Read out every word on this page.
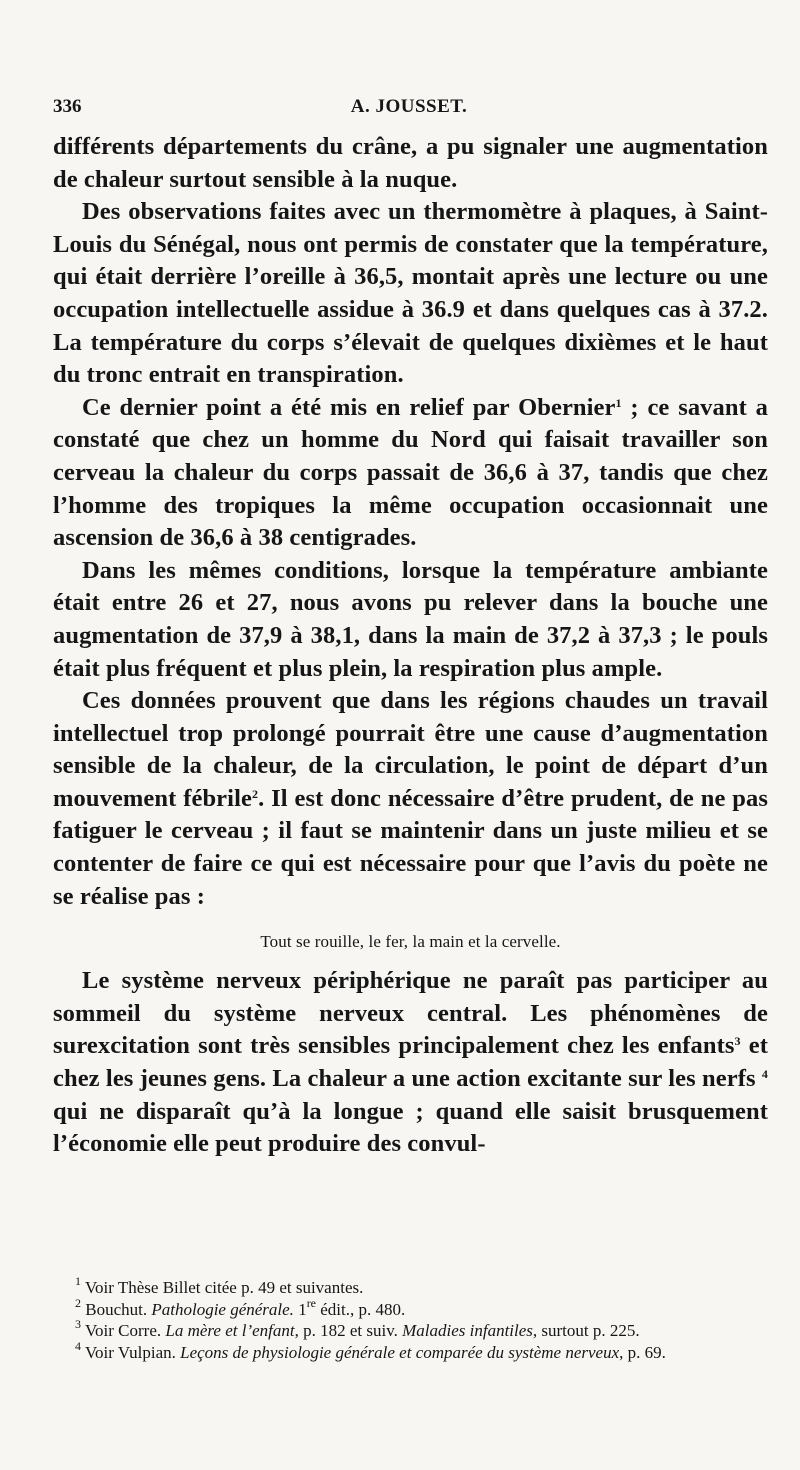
336	A. JOUSSET.

différents départements du crâne, a pu signaler une augmentation de chaleur surtout sensible à la nuque.

Des observations faites avec un thermomètre à plaques, à Saint-Louis du Sénégal, nous ont permis de constater que la température, qui était derrière l’oreille à 36,5, montait après une lecture ou une occupation intellectuelle assidue à 36.9 et dans quelques cas à 37.2. La température du corps s’élevait de quelques dixièmes et le haut du tronc entrait en transpiration.

Ce dernier point a été mis en relief par Obernier$^1$ ; ce savant a constaté que chez un homme du Nord qui faisait travailler son cerveau la chaleur du corps passait de 36,6 à 37, tandis que chez l’homme des tropiques la même occupation occasionnait une ascension de 36,6 à 38 centigrades.

Dans les mêmes conditions, lorsque la température ambiante était entre 26 et 27, nous avons pu relever dans la bouche une augmentation de 37,9 à 38,1, dans la main de 37,2 à 37,3 ; le pouls était plus fréquent et plus plein, la respiration plus ample.

Ces données prouvent que dans les régions chaudes un travail intellectuel trop prolongé pourrait être une cause d’augmentation sensible de la chaleur, de la circulation, le point de départ d’un mouvement fébrile$^2$. Il est donc nécessaire d’être prudent, de ne pas fatiguer le cerveau ; il faut se maintenir dans un juste milieu et se contenter de faire ce qui est nécessaire pour que l’avis du poète ne se réalise pas :

Tout se rouille, le fer, la main et la cervelle.

Le système nerveux périphérique ne paraît pas participer au sommeil du système nerveux central. Les phénomènes de surexcitation sont très sensibles principalement chez les enfants$^3$ et chez les jeunes gens. La chaleur a une action excitante sur les nerfs $^4$ qui ne disparaît qu’à la longue ; quand elle saisit brusquement l’économie elle peut produire des convul-

$^1$ Voir Thèse Billet citée p. 49 et suivantes.

$^2$ Bouchut. Pathologie générale. 1re édit., p. 480.

$^3$ Voir Corre. La mère et l’enfant, p. 182 et suiv. Maladies infantiles, surtout p. 225.

$^4$ Voir Vulpian. Leçons de physiologie générale et comparée du système nerveux, p. 69.
